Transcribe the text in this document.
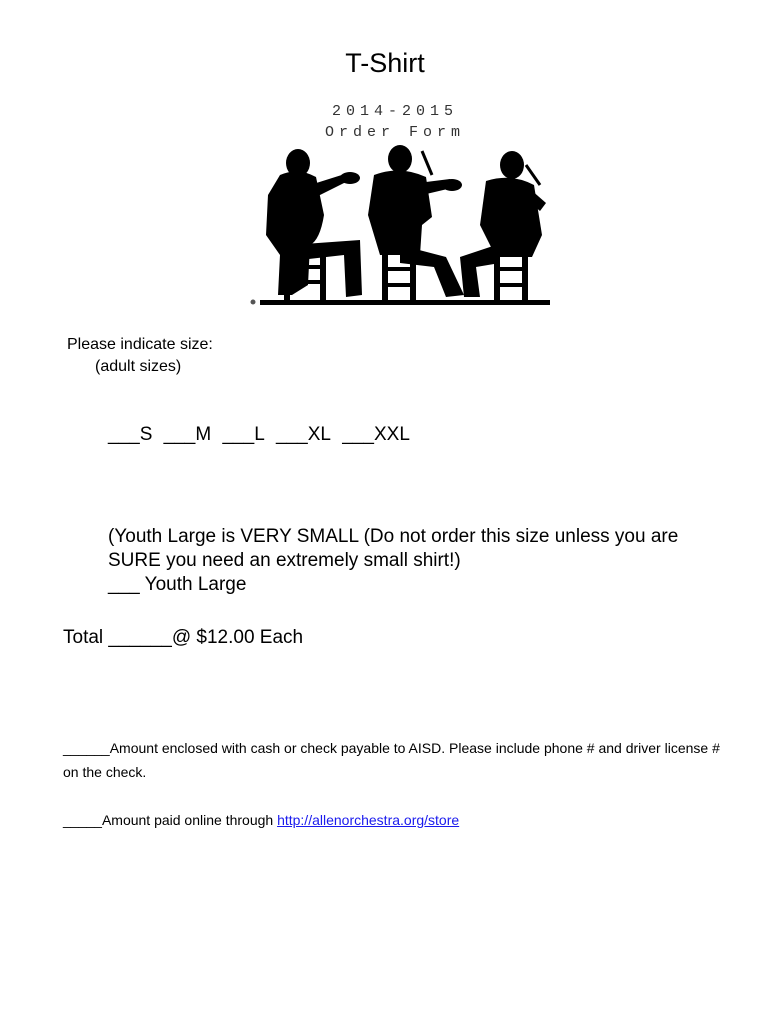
T-Shirt
2014-2015
Order Form

Please indicate size:

(adult sizes)

___S ___M ___L ___XL ___XXL

(Youth Large is VERY SMALL (Do not order this size unless you are SURE you need an extremely small shirt!)

___ Youth Large
Total ______@ $12.00 Each

______Amount enclosed with cash or check payable to AISD. Please include phone # and driver license # on the check.

_____Amount paid online through http://allenorchestra.org/store
